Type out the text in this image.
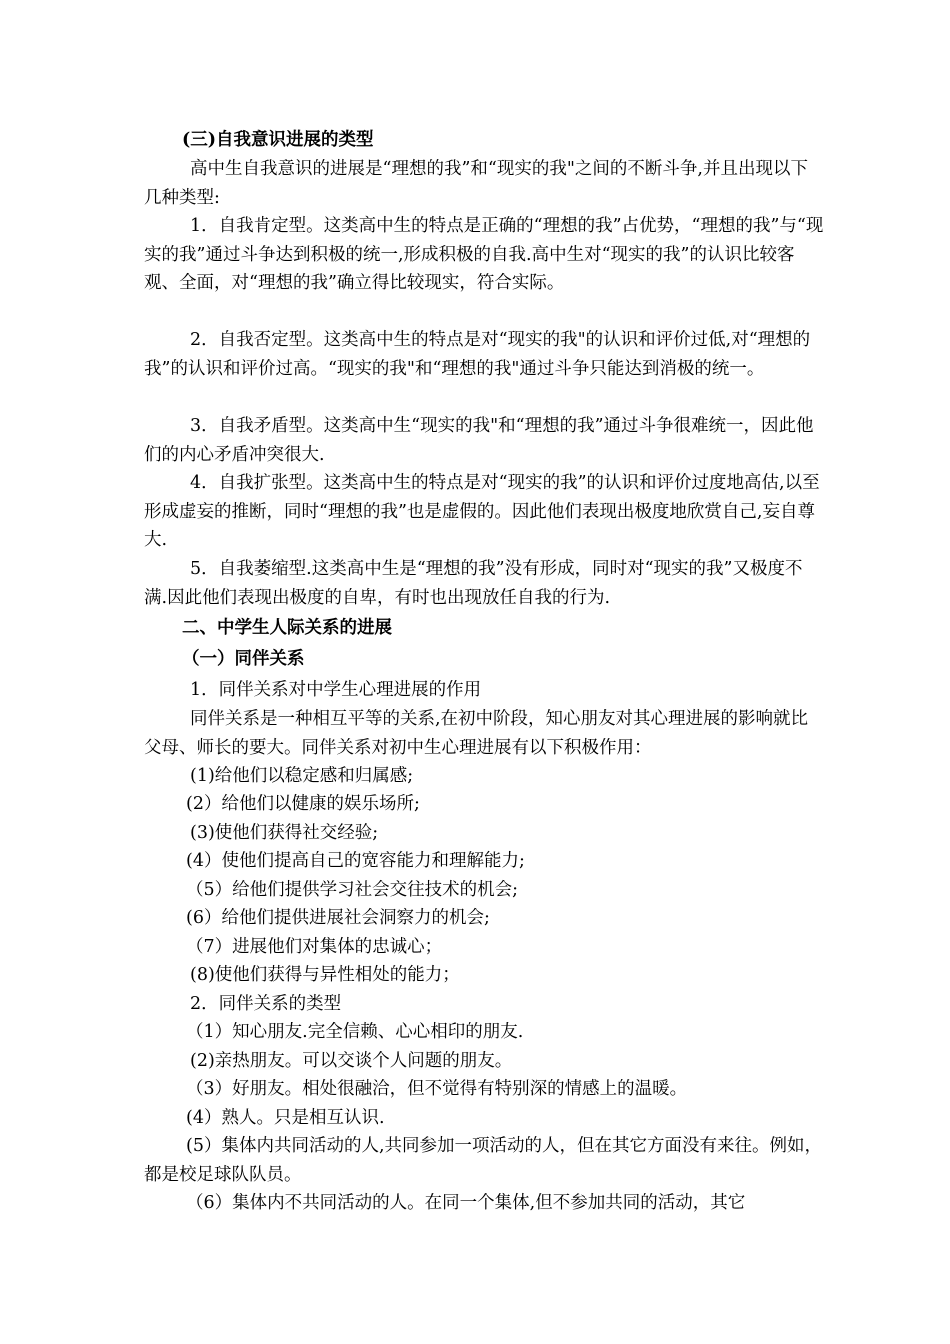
(三)自我意识进展的类型

高中生自我意识的进展是“理想的我”和“现实的我"之间的不断斗争,并且出现以下几种类型:

1．自我肯定型。这类高中生的特点是正确的“理想的我”占优势，“理想的我”与“现实的我”通过斗争达到积极的统一,形成积极的自我.高中生对“现实的我”的认识比较客观、全面，对“理想的我”确立得比较现实，符合实际。

2．自我否定型。这类高中生的特点是对“现实的我"的认识和评价过低,对“理想的我”的认识和评价过高。“现实的我"和“理想的我"通过斗争只能达到消极的统一。

3．自我矛盾型。这类高中生“现实的我"和“理想的我”通过斗争很难统一，因此他们的内心矛盾冲突很大.

4．自我扩张型。这类高中生的特点是对“现实的我”的认识和评价过度地高估,以至形成虚妄的推断，同时“理想的我”也是虚假的。因此他们表现出极度地欣赏自己,妄自尊大.

5．自我萎缩型.这类高中生是“理想的我”没有形成，同时对“现实的我”又极度不满.因此他们表现出极度的自卑，有时也出现放任自我的行为.

二、中学生人际关系的进展
（一）同伴关系
1．同伴关系对中学生心理进展的作用

同伴关系是一种相互平等的关系,在初中阶段，知心朋友对其心理进展的影响就比父母、师长的要大。同伴关系对初中生心理进展有以下积极作用：

(1)给他们以稳定感和归属感;
(2）给他们以健康的娱乐场所;
(3)使他们获得社交经验;
(4）使他们提高自己的宽容能力和理解能力;
（5）给他们提供学习社会交往技术的机会;
(6）给他们提供进展社会洞察力的机会;
（7）进展他们对集体的忠诚心；
(8)使他们获得与异性相处的能力；
2．同伴关系的类型
（1）知心朋友.完全信赖、心心相印的朋友.
(2)亲热朋友。可以交谈个人问题的朋友。
（3）好朋友。相处很融洽，但不觉得有特别深的情感上的温暖。
(4）熟人。只是相互认识.

(5）集体内共同活动的人,共同参加一项活动的人，但在其它方面没有来往。例如，都是校足球队队员。

（6）集体内不共同活动的人。在同一个集体,但不参加共同的活动，其它
